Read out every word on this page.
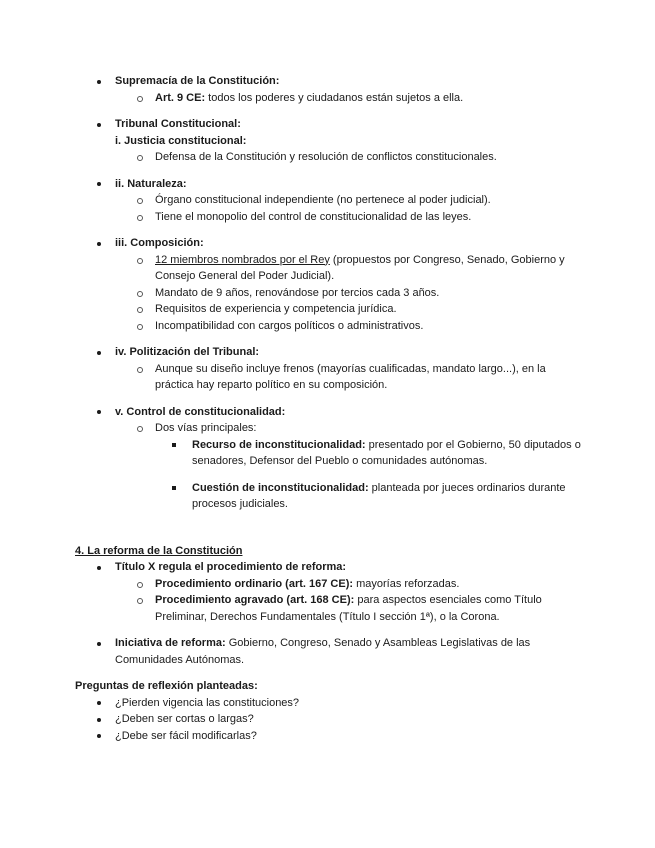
Supremacía de la Constitución:
Art. 9 CE: todos los poderes y ciudadanos están sujetos a ella.
Tribunal Constitucional:
i. Justicia constitucional:
Defensa de la Constitución y resolución de conflictos constitucionales.
ii. Naturaleza:
Órgano constitucional independiente (no pertenece al poder judicial).
Tiene el monopolio del control de constitucionalidad de las leyes.
iii. Composición:
12 miembros nombrados por el Rey (propuestos por Congreso, Senado, Gobierno y Consejo General del Poder Judicial).
Mandato de 9 años, renovándose por tercios cada 3 años.
Requisitos de experiencia y competencia jurídica.
Incompatibilidad con cargos políticos o administrativos.
iv. Politización del Tribunal:
Aunque su diseño incluye frenos (mayorías cualificadas, mandato largo...), en la práctica hay reparto político en su composición.
v. Control de constitucionalidad:
Dos vías principales:
Recurso de inconstitucionalidad: presentado por el Gobierno, 50 diputados o senadores, Defensor del Pueblo o comunidades autónomas.
Cuestión de inconstitucionalidad: planteada por jueces ordinarios durante procesos judiciales.
4. La reforma de la Constitución
Título X regula el procedimiento de reforma:
Procedimiento ordinario (art. 167 CE): mayorías reforzadas.
Procedimiento agravado (art. 168 CE): para aspectos esenciales como Título Preliminar, Derechos Fundamentales (Título I sección 1ª), o la Corona.
Iniciativa de reforma: Gobierno, Congreso, Senado y Asambleas Legislativas de las Comunidades Autónomas.
Preguntas de reflexión planteadas:
¿Pierden vigencia las constituciones?
¿Deben ser cortas o largas?
¿Debe ser fácil modificarlas?
